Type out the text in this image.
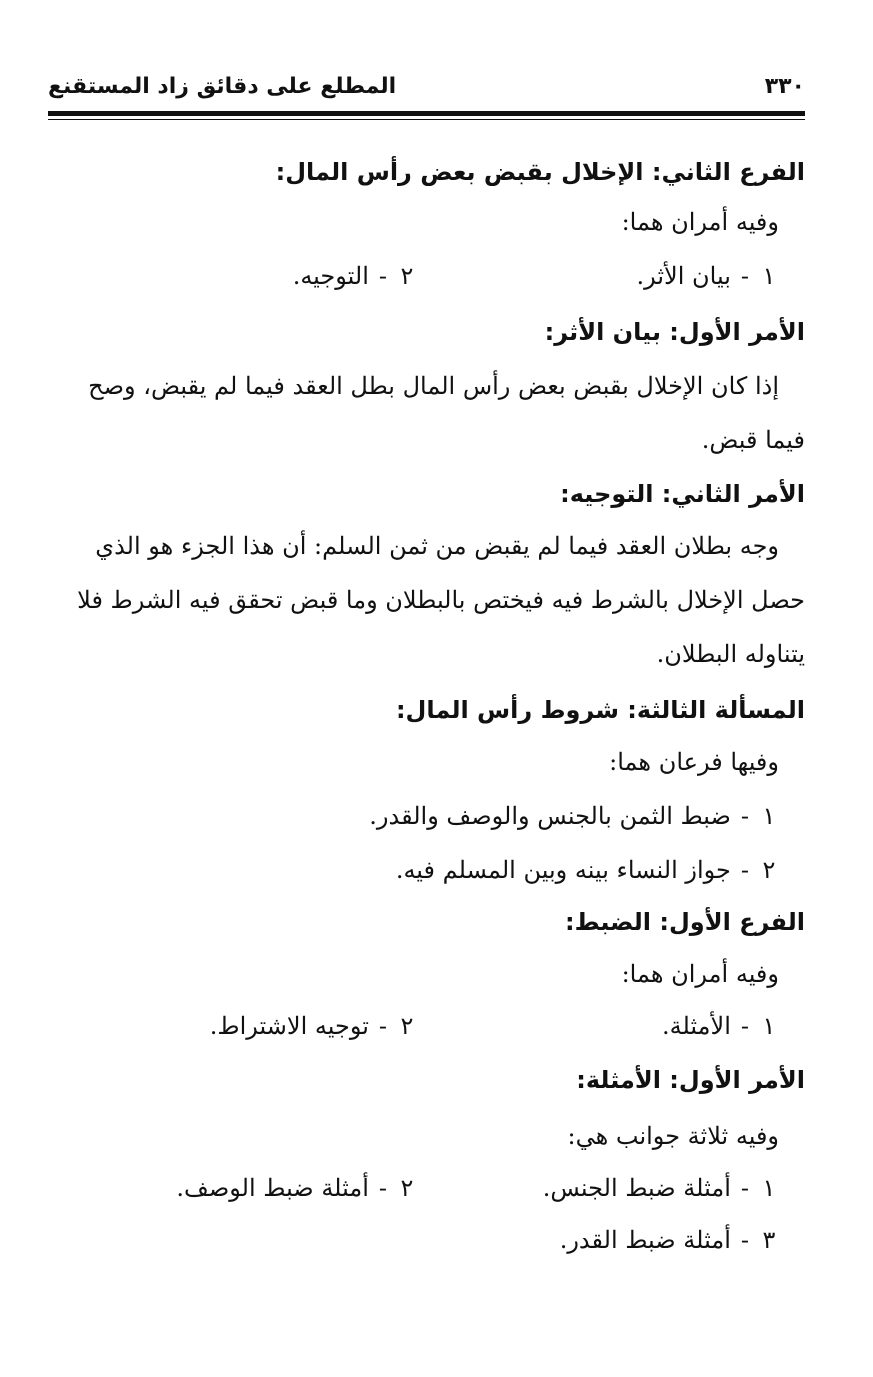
٣٣٠
المطلع على دقائق زاد المستقنع
الفرع الثاني: الإخلال بقبض بعض رأس المال:
وفيه أمران هما:
١-بيان الأثر.
٢-التوجيه.
الأمر الأول: بيان الأثر:
إذا كان الإخلال بقبض بعض رأس المال بطل العقد فيما لم يقبض، وصح
فيما قبض.
الأمر الثاني: التوجيه:
وجه بطلان العقد فيما لم يقبض من ثمن السلم: أن هذا الجزء هو الذي
حصل الإخلال بالشرط فيه فيختص بالبطلان وما قبض تحقق فيه الشرط فلا
يتناوله البطلان.
المسألة الثالثة: شروط رأس المال:
وفيها فرعان هما:
١-ضبط الثمن بالجنس والوصف والقدر.
٢-جواز النساء بينه وبين المسلم فيه.
الفرع الأول: الضبط:
وفيه أمران هما:
١-الأمثلة.
٢-توجيه الاشتراط.
الأمر الأول: الأمثلة:
وفيه ثلاثة جوانب هي:
١-أمثلة ضبط الجنس.
٢-أمثلة ضبط الوصف.
٣-أمثلة ضبط القدر.
